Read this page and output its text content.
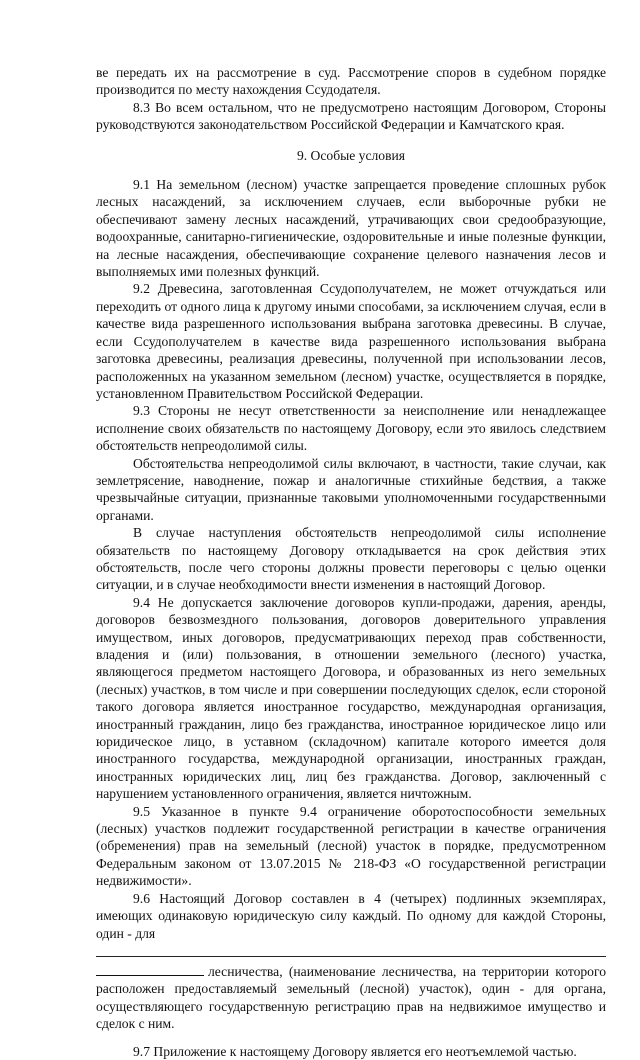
ве передать их на рассмотрение в суд. Рассмотрение споров в судебном порядке производится по месту нахождения Ссудодателя.

8.3 Во всем остальном, что не предусмотрено настоящим Договором, Стороны руководствуются законодательством Российской Федерации и Камчатского края.

9. Особые условия

9.1 На земельном (лесном) участке запрещается проведение сплошных рубок лесных насаждений, за исключением случаев, если выборочные рубки не обеспечивают замену лесных насаждений, утрачивающих свои средообразующие, водоохранные, санитарно-гигиенические, оздоровительные и иные полезные функции, на лесные насаждения, обеспечивающие сохранение целевого назначения лесов и выполняемых ими полезных функций.

9.2 Древесина, заготовленная Ссудополучателем, не может отчуждаться или переходить от одного лица к другому иными способами, за исключением случая, если в качестве вида разрешенного использования выбрана заготовка древесины. В случае, если Ссудополучателем в качестве вида разрешенного использования выбрана заготовка древесины, реализация древесины, полученной при использовании лесов, расположенных на указанном земельном (лесном) участке, осуществляется в порядке, установленном Правительством Российской Федерации.

9.3 Стороны не несут ответственности за неисполнение или ненадлежащее исполнение своих обязательств по настоящему Договору, если это явилось следствием обстоятельств непреодолимой силы.

Обстоятельства непреодолимой силы включают, в частности, такие случаи, как землетрясение, наводнение, пожар и аналогичные стихийные бедствия, а также чрезвычайные ситуации, признанные таковыми уполномоченными государственными органами.

В случае наступления обстоятельств непреодолимой силы исполнение обязательств по настоящему Договору откладывается на срок действия этих обстоятельств, после чего стороны должны провести переговоры с целью оценки ситуации, и в случае необходимости внести изменения в настоящий Договор.

9.4 Не допускается заключение договоров купли-продажи, дарения, аренды, договоров безвозмездного пользования, договоров доверительного управления имуществом, иных договоров, предусматривающих переход прав собственности, владения и (или) пользования, в отношении земельного (лесного) участка, являющегося предметом настоящего Договора, и образованных из него земельных (лесных) участков, в том числе и при совершении последующих сделок, если стороной такого договора является иностранное государство, международная организация, иностранный гражданин, лицо без гражданства, иностранное юридическое лицо или юридическое лицо, в уставном (складочном) капитале которого имеется доля иностранного государства, международной организации, иностранных граждан, иностранных юридических лиц, лиц без гражданства. Договор, заключенный с нарушением установленного ограничения, является ничтожным.

9.5 Указанное в пункте 9.4 ограничение оборотоспособности земельных (лесных) участков подлежит государственной регистрации в качестве ограничения (обременения) прав на земельный (лесной) участок в порядке, предусмотренном Федеральным законом от 13.07.2015 № 218-ФЗ «О государственной регистрации недвижимости».

9.6 Настоящий Договор составлен в 4 (четырех) подлинных экземплярах, имеющих одинаковую юридическую силу каждый. По одному для каждой Стороны, один - для

лесничества, (наименование лесничества, на территории которого расположен предоставляемый земельный (лесной) участок), один - для органа, осуществляющего государственную регистрацию прав на недвижимое имущество и сделок с ним.

9.7 Приложение к настоящему Договору является его неотъемлемой частью.
